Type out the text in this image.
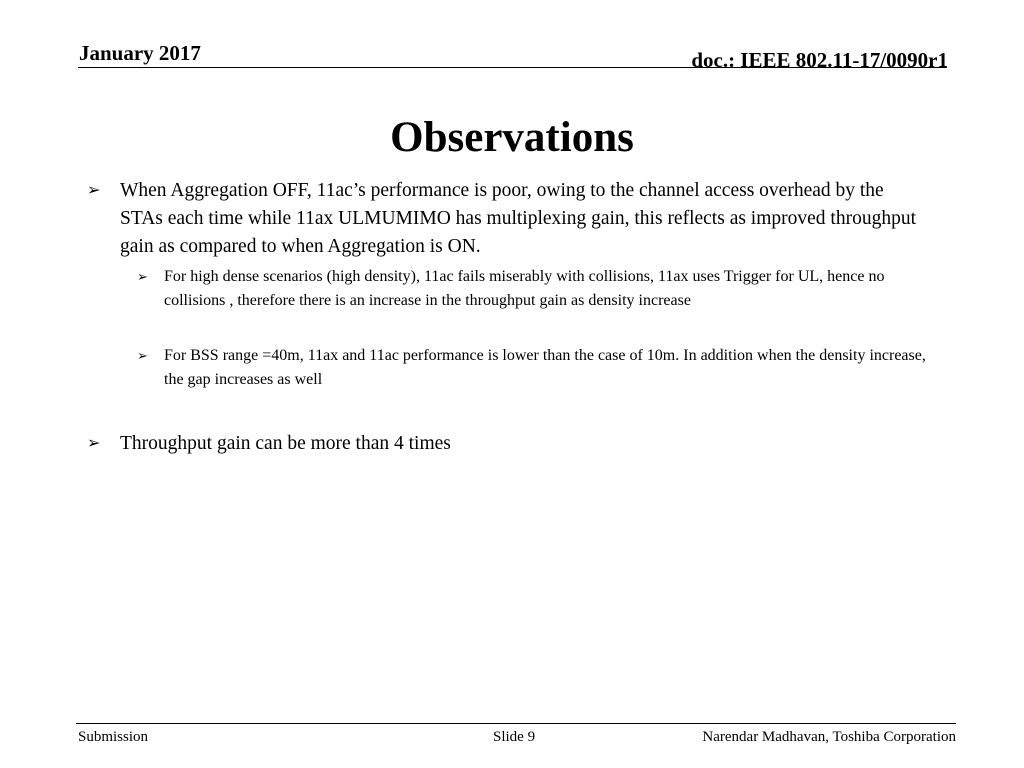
January 2017	doc.: IEEE 802.11-17/0090r1
Observations
➢	When Aggregation OFF, 11ac’s performance is poor, owing to the channel access overhead by the STAs each time while 11ax ULMUMIMO has multiplexing gain, this reflects as improved throughput gain as compared to when Aggregation is ON.
➢	For high dense scenarios (high density), 11ac fails miserably with collisions, 11ax uses Trigger for UL, hence no collisions , therefore there is an increase in the throughput gain as density increase
➢	For BSS range =40m, 11ax and 11ac performance is lower than the case of 10m. In addition when the density increase, the gap increases as well
➢	Throughput gain can be more than 4 times
Submission	Slide 9	Narendar Madhavan, Toshiba Corporation
